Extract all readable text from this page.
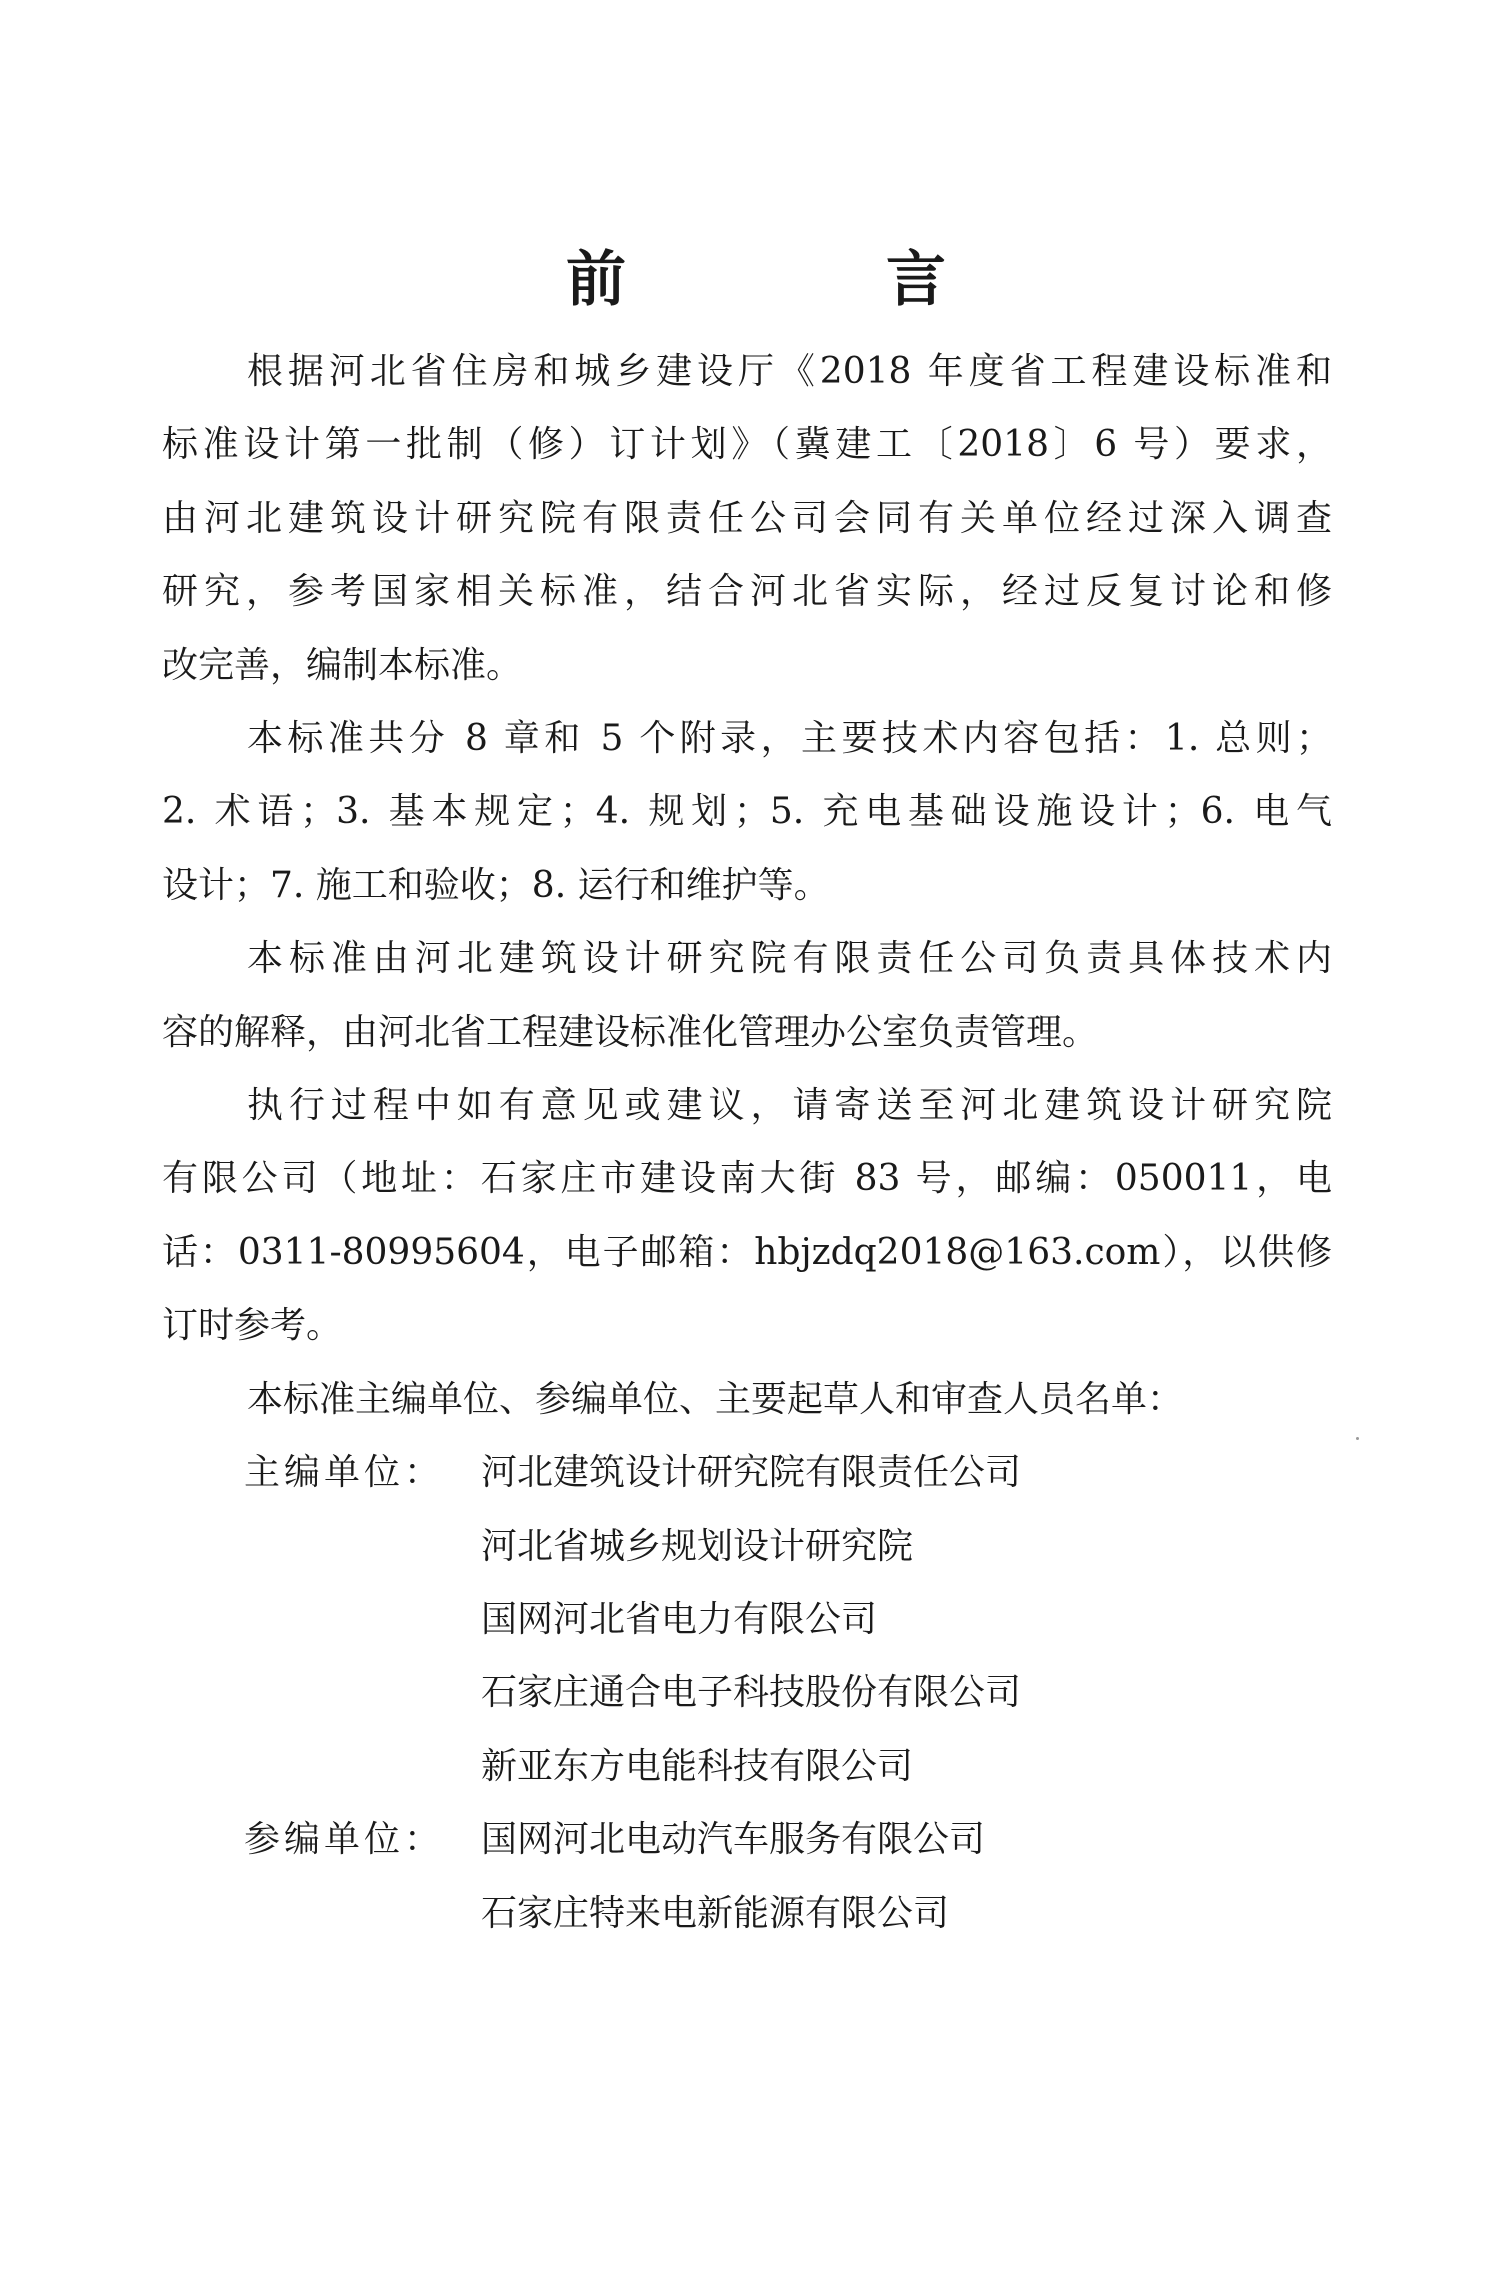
前　言

根据河北省住房和城乡建设厅《2018 年度省工程建设标准和
标准设计第一批制（修）订计划》（冀建工〔2018〕6 号）要求，
由河北建筑设计研究院有限责任公司会同有关单位经过深入调查
研究，参考国家相关标准，结合河北省实际，经过反复讨论和修
改完善，编制本标准。

本标准共分 8 章和 5 个附录，主要技术内容包括：1. 总则；
2. 术语；3. 基本规定；4. 规划；5. 充电基础设施设计；6. 电气
设计；7. 施工和验收；8. 运行和维护等。

本标准由河北建筑设计研究院有限责任公司负责具体技术内
容的解释，由河北省工程建设标准化管理办公室负责管理。

执行过程中如有意见或建议，请寄送至河北建筑设计研究院
有限公司（地址：石家庄市建设南大街 83 号，邮编：050011，电
话：0311-80995604，电子邮箱：hbjzdq2018@163.com），以供修
订时参考。

本标准主编单位、参编单位、主要起草人和审查人员名单：

主编单位：	河北建筑设计研究院有限责任公司
河北省城乡规划设计研究院
国网河北省电力有限公司
石家庄通合电子科技股份有限公司
新亚东方电能科技有限公司
参编单位：	国网河北电动汽车服务有限公司
石家庄特来电新能源有限公司
